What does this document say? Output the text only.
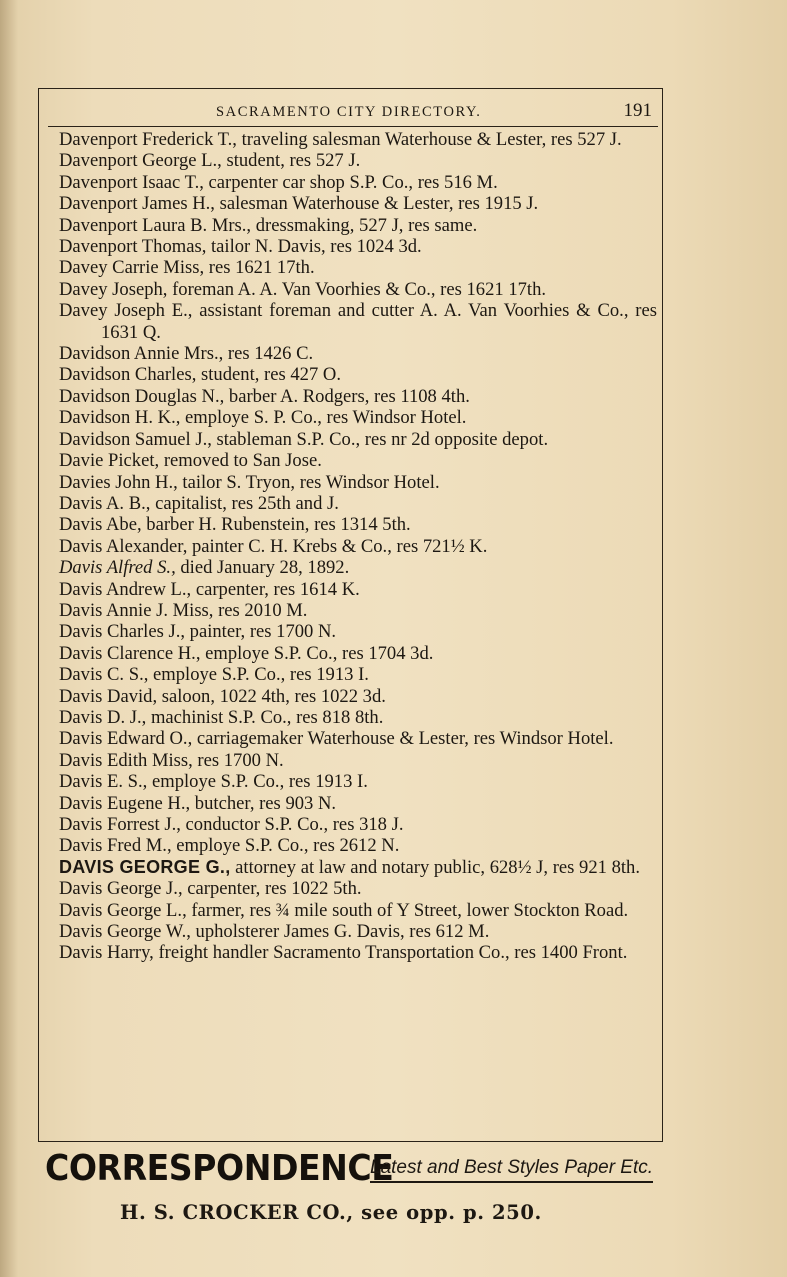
SACRAMENTO CITY DIRECTORY.	191
Davenport Frederick T., traveling salesman Waterhouse & Lester, res 527 J.
Davenport George L., student, res 527 J.
Davenport Isaac T., carpenter car shop S.P. Co., res 516 M.
Davenport James H., salesman Waterhouse & Lester, res 1915 J.
Davenport Laura B. Mrs., dressmaking, 527 J, res same.
Davenport Thomas, tailor N. Davis, res 1024 3d.
Davey Carrie Miss, res 1621 17th.
Davey Joseph, foreman A. A. Van Voorhies & Co., res 1621 17th.
Davey Joseph E., assistant foreman and cutter A. A. Van Voorhies & Co., res 1631 Q.
Davidson Annie Mrs., res 1426 C.
Davidson Charles, student, res 427 O.
Davidson Douglas N., barber A. Rodgers, res 1108 4th.
Davidson H. K., employe S. P. Co., res Windsor Hotel.
Davidson Samuel J., stableman S.P. Co., res nr 2d opposite depot.
Davie Picket, removed to San Jose.
Davies John H., tailor S. Tryon, res Windsor Hotel.
Davis A. B., capitalist, res 25th and J.
Davis Abe, barber H. Rubenstein, res 1314 5th.
Davis Alexander, painter C. H. Krebs & Co., res 721½ K.
Davis Alfred S., died January 28, 1892.
Davis Andrew L., carpenter, res 1614 K.
Davis Annie J. Miss, res 2010 M.
Davis Charles J., painter, res 1700 N.
Davis Clarence H., employe S.P. Co., res 1704 3d.
Davis C. S., employe S.P. Co., res 1913 I.
Davis David, saloon, 1022 4th, res 1022 3d.
Davis D. J., machinist S.P. Co., res 818 8th.
Davis Edward O., carriagemaker Waterhouse & Lester, res Windsor Hotel.
Davis Edith Miss, res 1700 N.
Davis E. S., employe S.P. Co., res 1913 I.
Davis Eugene H., butcher, res 903 N.
Davis Forrest J., conductor S.P. Co., res 318 J.
Davis Fred M., employe S.P. Co., res 2612 N.
DAVIS GEORGE G., attorney at law and notary public, 628½ J, res 921 8th.
Davis George J., carpenter, res 1022 5th.
Davis George L., farmer, res ¾ mile south of Y Street, lower Stockton Road.
Davis George W., upholsterer James G. Davis, res 612 M.
Davis Harry, freight handler Sacramento Transportation Co., res 1400 Front.
CORRESPONDENCE
Latest and Best Styles Paper Etc.
H. S. CROCKER CO., see opp. p. 250.
